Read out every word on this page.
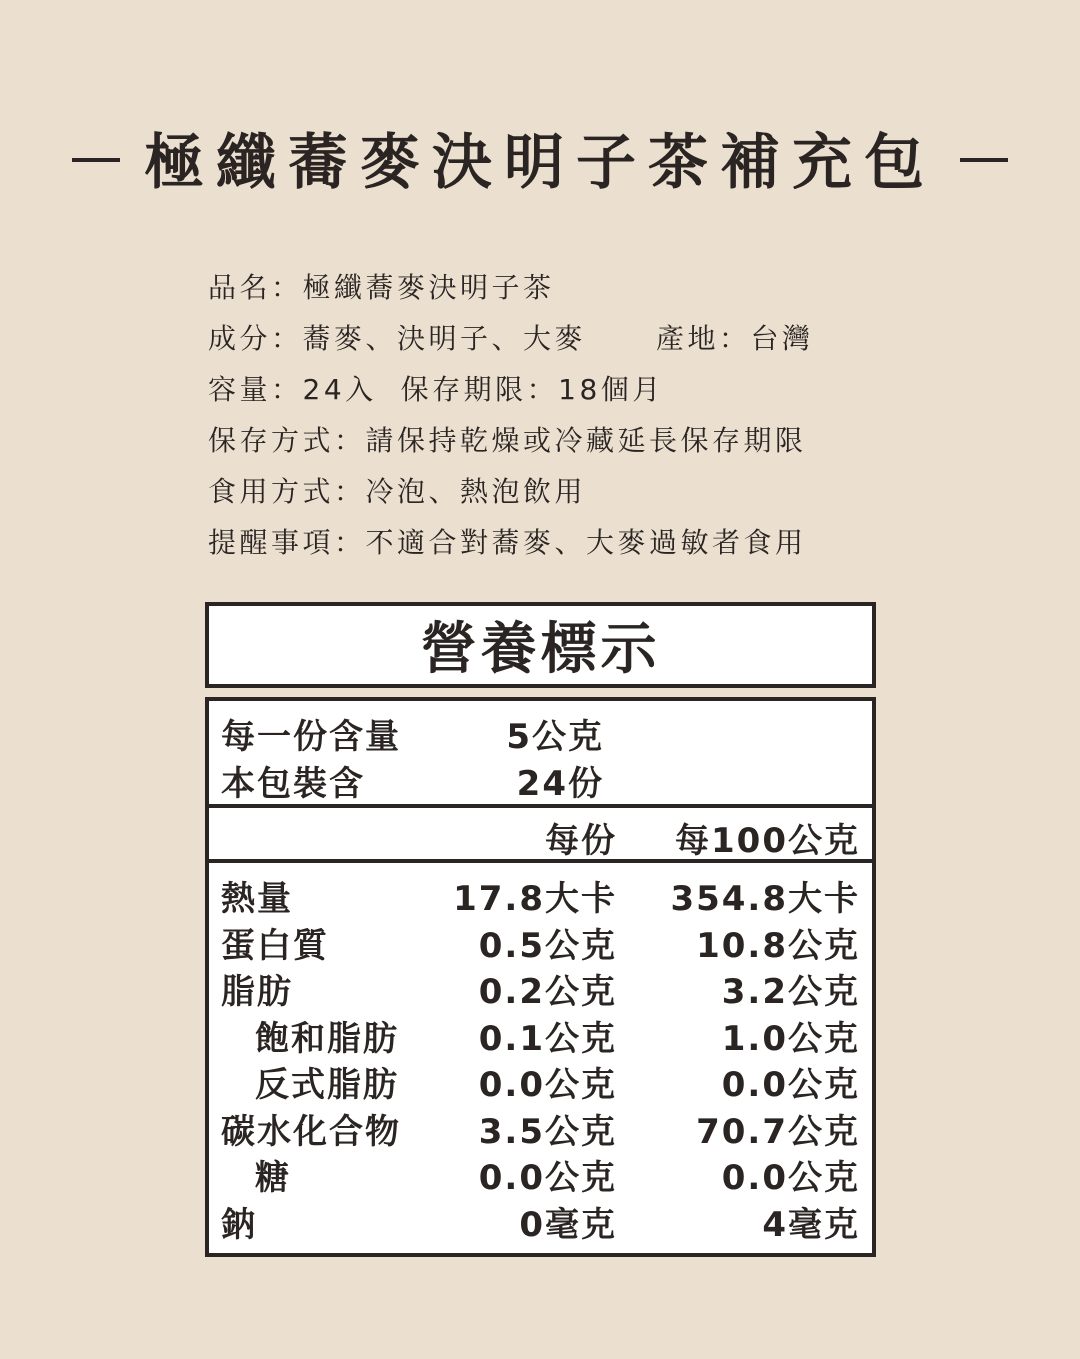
極纖蕎麥決明子茶補充包
品名：極纖蕎麥決明子茶
成分：蕎麥、決明子、大麥	產地：台灣
容量：24入 保存期限：18個月
保存方式：請保持乾燥或冷藏延長保存期限
食用方式：冷泡、熱泡飲用
提醒事項：不適合對蕎麥、大麥過敏者食用
營養標示
每一份含量	5公克
本包裝含	24份
每份 每100公克
熱量	17.8大卡 354.8大卡
蛋白質	0.5公克 10.8公克
脂肪	0.2公克	3.2公克
飽和脂肪 0.1公克	1.0公克
反式脂肪 0.0公克	0.0公克
碳水化合物 3.5公克 70.7公克
糖	0.0公克	0.0公克
鈉	0毫克	4毫克
